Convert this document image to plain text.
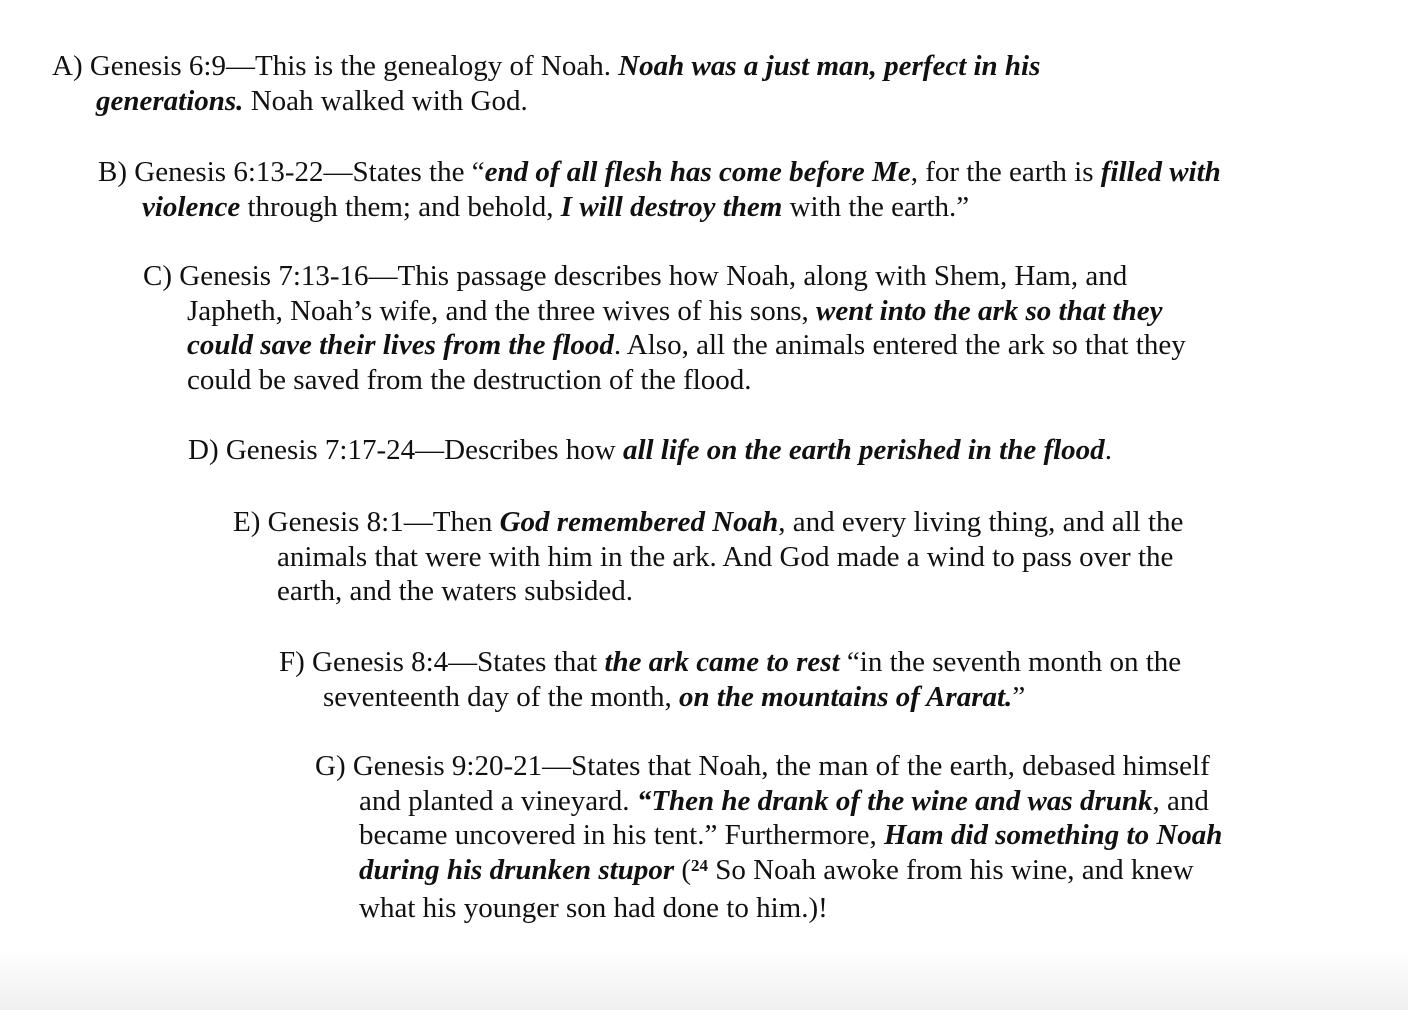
A) Genesis 6:9—This is the genealogy of Noah. Noah was a just man, perfect in his generations. Noah walked with God.

B) Genesis 6:13-22—States the “end of all flesh has come before Me, for the earth is filled with violence through them; and behold, I will destroy them with the earth.”

C) Genesis 7:13-16—This passage describes how Noah, along with Shem, Ham, and Japheth, Noah’s wife, and the three wives of his sons, went into the ark so that they could save their lives from the flood. Also, all the animals entered the ark so that they could be saved from the destruction of the flood.

D) Genesis 7:17-24—Describes how all life on the earth perished in the flood.

E) Genesis 8:1—Then God remembered Noah, and every living thing, and all the animals that were with him in the ark. And God made a wind to pass over the earth, and the waters subsided.

F) Genesis 8:4—States that the ark came to rest “in the seventh month on the seventeenth day of the month, on the mountains of Ararat.”

G) Genesis 9:20-21—States that Noah, the man of the earth, debased himself and planted a vineyard. “Then he drank of the wine and was drunk, and became uncovered in his tent.” Furthermore, Ham did something to Noah during his drunken stupor ($^{24}$ So Noah awoke from his wine, and knew what his younger son had done to him.)!
